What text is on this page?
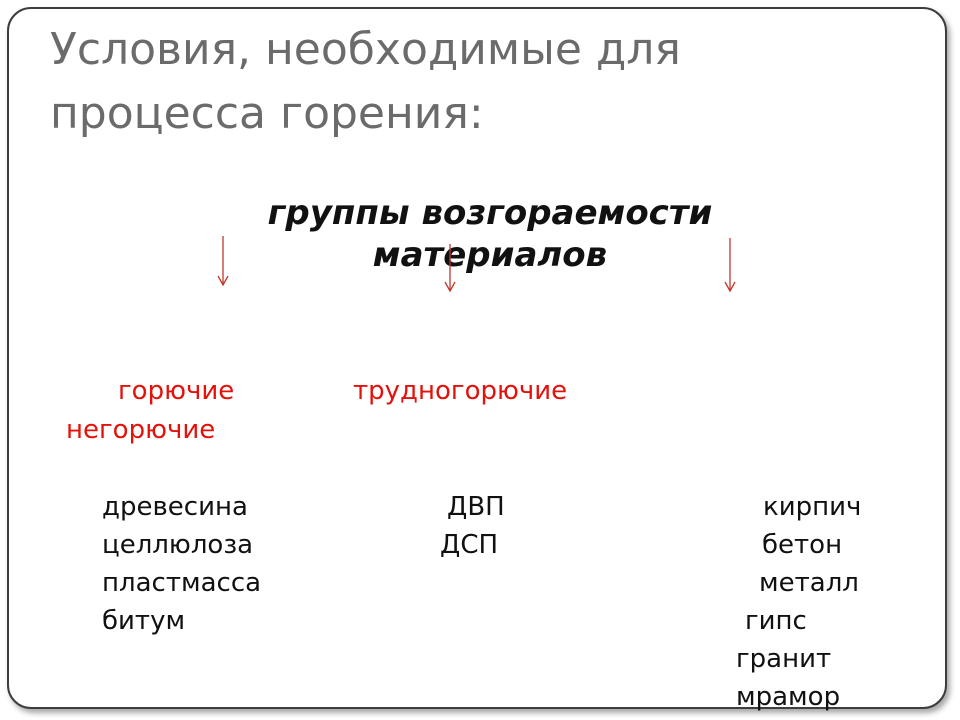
Условия, необходимые для процесса горения:
группы возгораемости материалов
горючие	трудногорючие
негорючие
древесина
целлюлоза
пластмасса
битум
ДВП
ДСП
кирпич
бетон
металл
гипс
гранит
мрамор
